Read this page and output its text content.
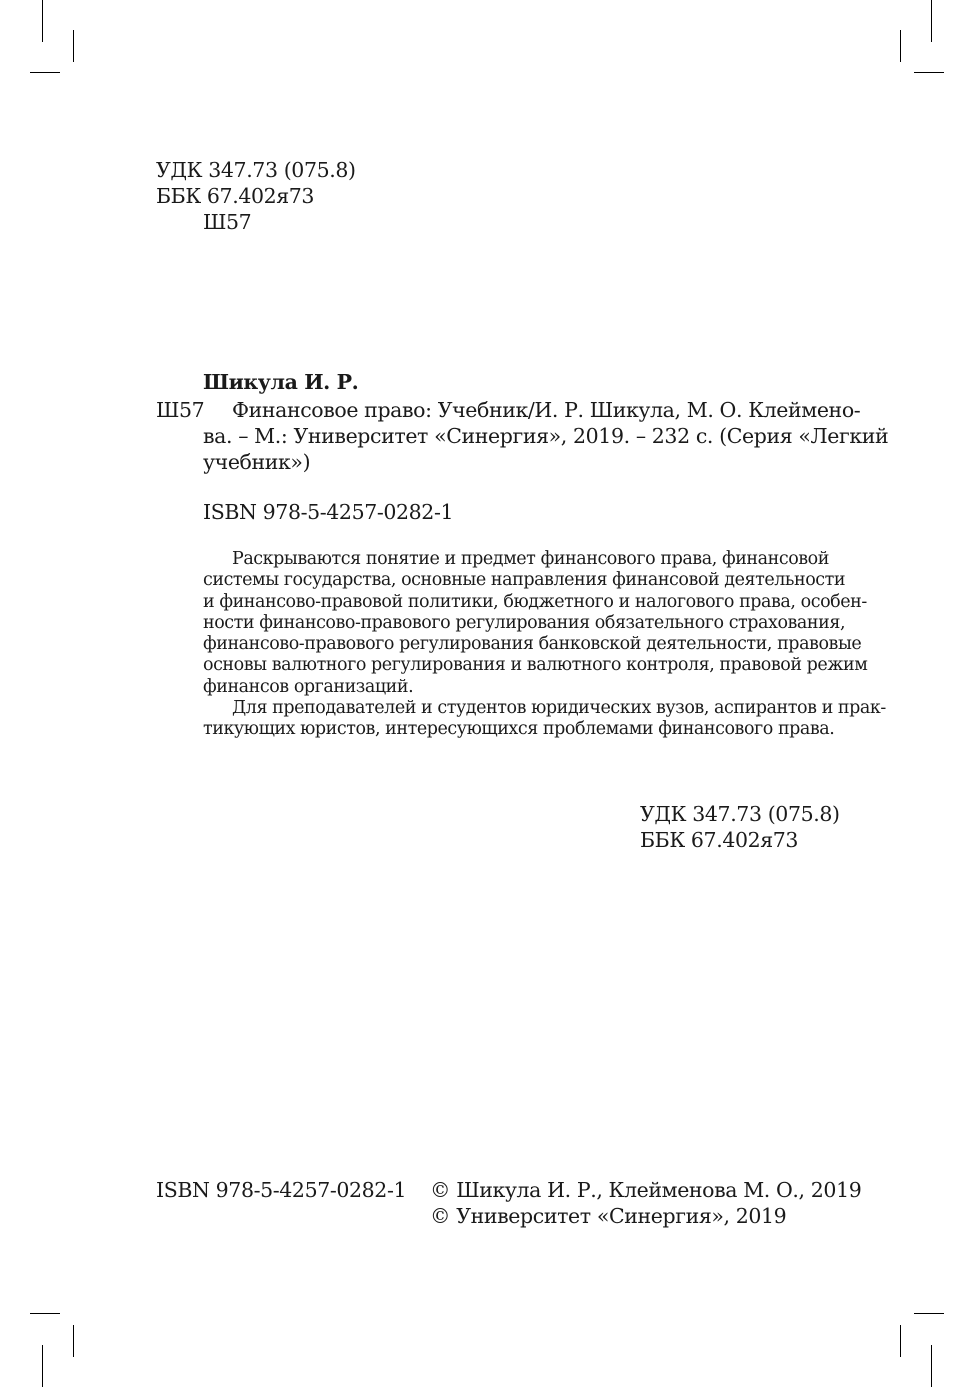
УДК 347.73 (075.8)
ББК 67.402я73
Ш57
Шикула И. Р.
Ш57 Финансовое право: Учебник/И. Р. Шикула, М. О. Клеймено-
ва. – М.: Университет «Синергия», 2019. – 232 с. (Серия «Легкий
учебник»)
ISBN 978-5-4257-0282-1
Раскрываются понятие и предмет финансового права, финансовой
системы государства, основные направления финансовой деятельности
и финансово-правовой политики, бюджетного и налогового права, особен-
ности финансово-правового регулирования обязательного страхования,
финансово-правового регулирования банковской деятельности, правовые
основы валютного регулирования и валютного контроля, правовой режим
финансов организаций.
Для преподавателей и студентов юридических вузов, аспирантов и прак-
тикующих юристов, интересующихся проблемами финансового права.
УДК 347.73 (075.8)
ББК 67.402я73
ISBN 978-5-4257-0282-1 © Шикула И. Р., Клейменова М. О., 2019
© Университет «Синергия», 2019
